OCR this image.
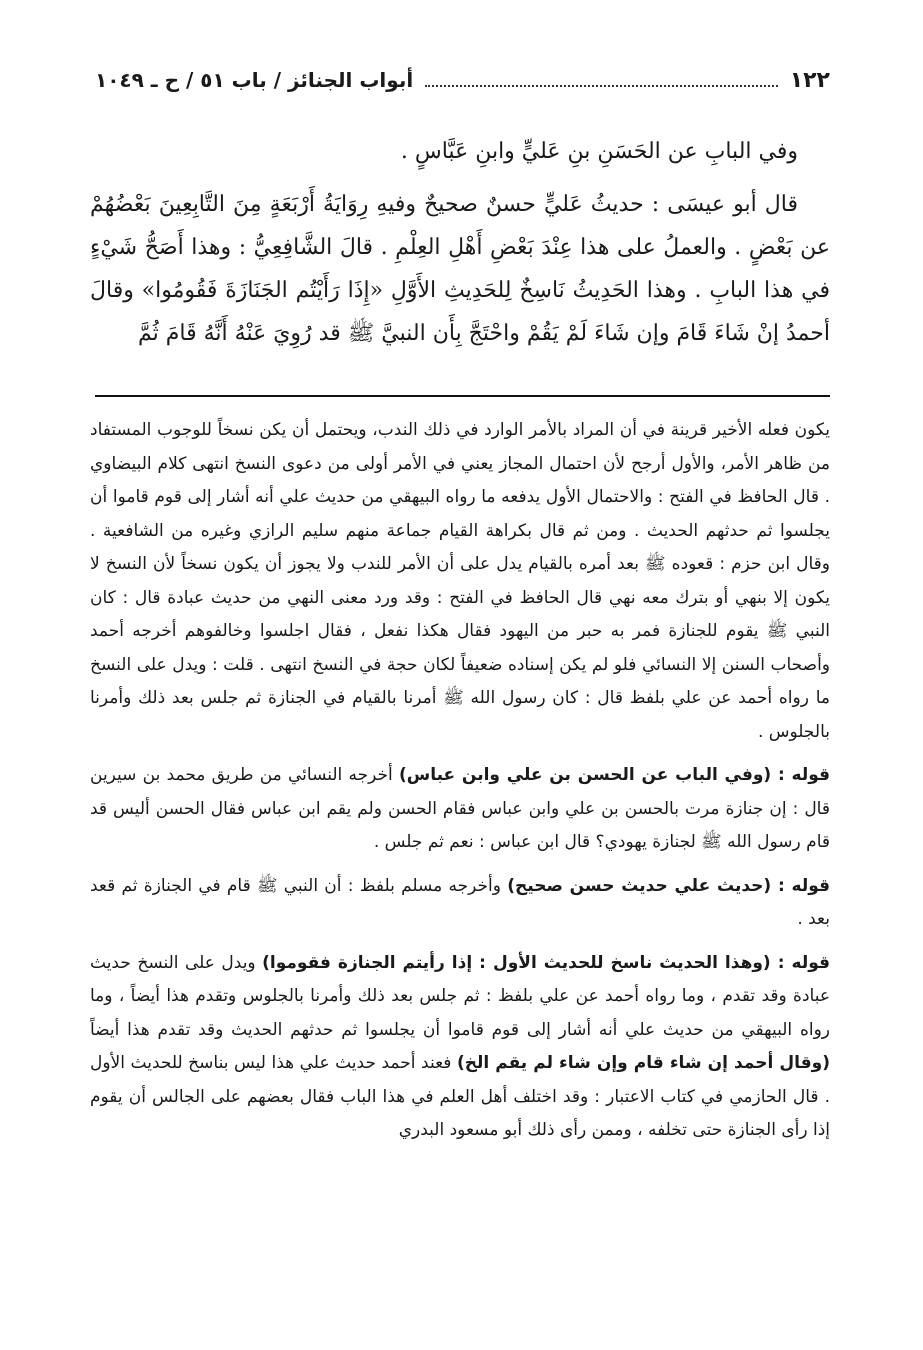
١٢٢
أبواب الجنائز / باب ٥١ / ح ـ ١٠٤٩

وفي البابِ عن الحَسَنِ بنِ عَليٍّ وابنِ عَبَّاسٍ .

قال أبو عيسَى : حديثُ عَليٍّ حسنٌ صحيحٌ وفيهِ رِوَايَةُ أَرْبَعَةٍ مِنَ التَّابِعِينَ بَعْضُهُمْ عن بَعْضٍ . والعملُ على هذا عِنْدَ بَعْضِ أَهْلِ العِلْمِ . قالَ الشَّافِعِيُّ : وهذا أَصَحُّ شَيْءٍ في هذا البابِ . وهذا الحَدِيثُ نَاسِخٌ لِلحَدِيثِ الأَوَّلِ «إِذَا رَأَيْتُم الجَنَازَةَ فَقُومُوا» وقالَ أحمدُ إنْ شَاءَ قَامَ وإن شَاءَ لَمْ يَقُمْ واحْتَجَّ بِأَن النبيَّ ﷺ قد رُوِيَ عَنْهُ أَنَّهُ قَامَ ثُمَّ

يكون فعله الأخير قرينة في أن المراد بالأمر الوارد في ذلك الندب، ويحتمل أن يكن نسخاً للوجوب المستفاد من ظاهر الأمر، والأول أرجح لأن احتمال المجاز يعني في الأمر أولى من دعوى النسخ انتهى كلام البيضاوي . قال الحافظ في الفتح : والاحتمال الأول يدفعه ما رواه البيهقي من حديث علي أنه أشار إلى قوم قاموا أن يجلسوا ثم حدثهم الحديث . ومن ثم قال بكراهة القيام جماعة منهم سليم الرازي وغيره من الشافعية . وقال ابن حزم : قعوده ﷺ بعد أمره بالقيام يدل على أن الأمر للندب ولا يجوز أن يكون نسخاً لأن النسخ لا يكون إلا بنهي أو بترك معه نهي قال الحافظ في الفتح : وقد ورد معنى النهي من حديث عبادة قال : كان النبي ﷺ يقوم للجنازة فمر به حبر من اليهود فقال هكذا نفعل ، فقال اجلسوا وخالفوهم أخرجه أحمد وأصحاب السنن إلا النسائي فلو لم يكن إسناده ضعيفاً لكان حجة في النسخ انتهى . قلت : ويدل على النسخ ما رواه أحمد عن علي بلفظ قال : كان رسول الله ﷺ أمرنا بالقيام في الجنازة ثم جلس بعد ذلك وأمرنا بالجلوس .

قوله : (وفي الباب عن الحسن بن علي وابن عباس) أخرجه النسائي من طريق محمد بن سيرين قال : إن جنازة مرت بالحسن بن علي وابن عباس فقام الحسن ولم يقم ابن عباس فقال الحسن أليس قد قام رسول الله ﷺ لجنازة يهودي؟ قال ابن عباس : نعم ثم جلس .

قوله : (حديث علي حديث حسن صحيح) وأخرجه مسلم بلفظ : أن النبي ﷺ قام في الجنازة ثم قعد بعد .

قوله : (وهذا الحديث ناسخ للحديث الأول : إذا رأيتم الجنازة فقوموا) ويدل على النسخ حديث عبادة وقد تقدم ، وما رواه أحمد عن علي بلفظ : ثم جلس بعد ذلك وأمرنا بالجلوس وتقدم هذا أيضاً ، وما رواه البيهقي من حديث علي أنه أشار إلى قوم قاموا أن يجلسوا ثم حدثهم الحديث وقد تقدم هذا أيضاً (وقال أحمد إن شاء قام وإن شاء لم يقم الخ) فعند أحمد حديث علي هذا ليس بناسخ للحديث الأول . قال الحازمي في كتاب الاعتبار : وقد اختلف أهل العلم في هذا الباب فقال بعضهم على الجالس أن يقوم إذا رأى الجنازة حتى تخلفه ، وممن رأى ذلك أبو مسعود البدري
